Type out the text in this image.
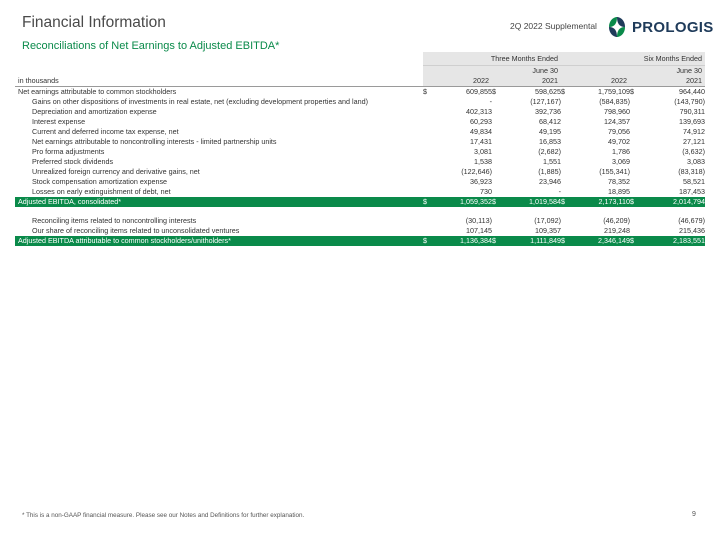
Financial Information
Reconciliations of Net Earnings to Adjusted EBITDA*
2Q 2022 Supplemental PROLOGIS
	Three Months Ended				Six Months Ended			
	June 30				June 30			
in thousands	2022		2021		2022		2021	
Net earnings attributable to common stockholders	$	609,855	$	598,625	$	1,759,109	$	964,440
Gains on other dispositions of investments in real estate, net (excluding development properties and land)		-		(127,167)		(584,835)		(143,790)
Depreciation and amortization expense		402,313		392,736		798,960		790,311
Interest expense		60,293		68,412		124,357		139,693
Current and deferred income tax expense, net		49,834		49,195		79,056		74,912
Net earnings attributable to noncontrolling interests - limited partnership units		17,431		16,853		49,702		27,121
Pro forma adjustments		3,081		(2,682)		1,786		(3,632)
Preferred stock dividends		1,538		1,551		3,069		3,083
Unrealized foreign currency and derivative gains, net		(122,646)		(1,885)		(155,341)		(83,318)
Stock compensation amortization expense		36,923		23,946		78,352		58,521
Losses on early extinguishment of debt, net		730		-		18,895		187,453
Adjusted EBITDA, consolidated*	$	1,059,352	$	1,019,584	$	2,173,110	$	2,014,794

Reconciling items related to noncontrolling interests		(30,113)		(17,092)		(46,209)		(46,679)
Our share of reconciling items related to unconsolidated ventures		107,145		109,357		219,248		215,436
Adjusted EBITDA attributable to common stockholders/unitholders*	$	1,136,384	$	1,111,849	$	2,346,149	$	2,183,551
* This is a non-GAAP financial measure. Please see our Notes and Definitions for further explanation.	9
